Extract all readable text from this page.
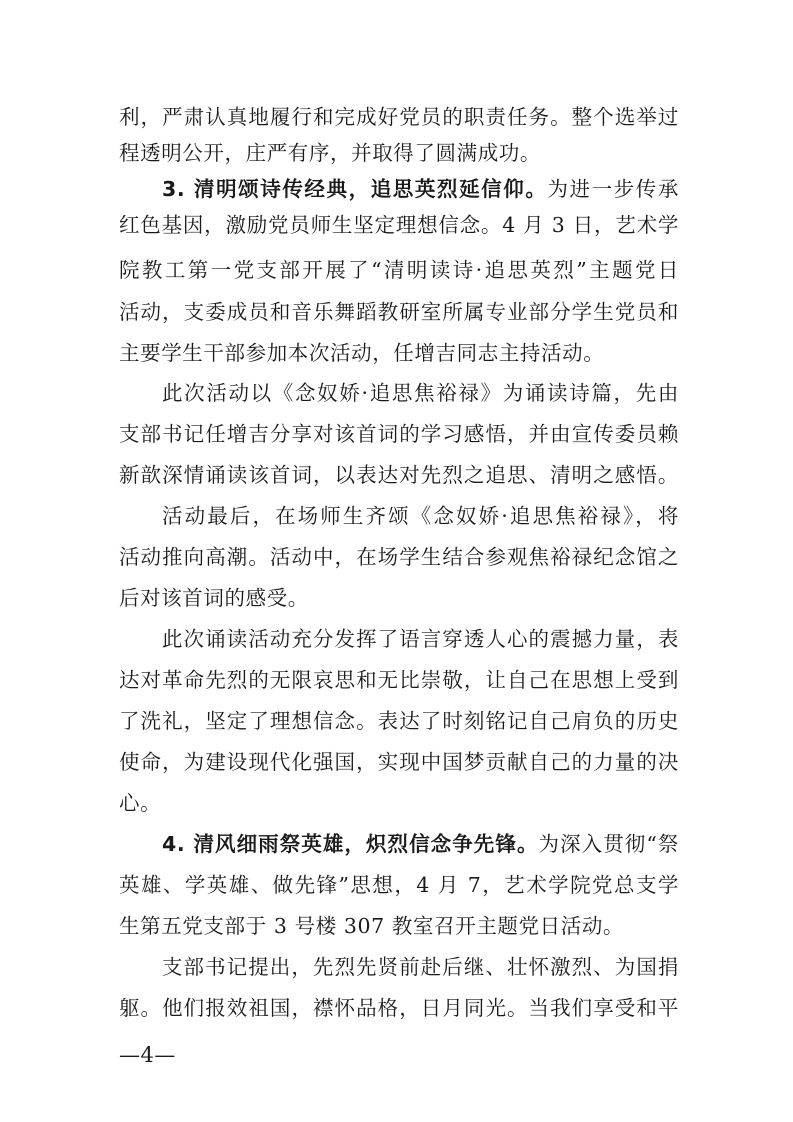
利，严肃认真地履行和完成好党员的职责任务。整个选举过
程透明公开，庄严有序，并取得了圆满成功。
3. 清明颂诗传经典，追思英烈延信仰。为进一步传承
红色基因，激励党员师生坚定理想信念。4 月 3 日，艺术学
院教工第一党支部开展了“清明读诗·追思英烈”主题党日
活动，支委成员和音乐舞蹈教研室所属专业部分学生党员和
主要学生干部参加本次活动，任增吉同志主持活动。
此次活动以《念奴娇·追思焦裕禄》为诵读诗篇，先由
支部书记任增吉分享对该首词的学习感悟，并由宣传委员赖
新歆深情诵读该首词，以表达对先烈之追思、清明之感悟。
活动最后，在场师生齐颂《念奴娇·追思焦裕禄》，将
活动推向高潮。活动中，在场学生结合参观焦裕禄纪念馆之
后对该首词的感受。
此次诵读活动充分发挥了语言穿透人心的震撼力量，表
达对革命先烈的无限哀思和无比崇敬，让自己在思想上受到
了洗礼，坚定了理想信念。表达了时刻铭记自己肩负的历史
使命，为建设现代化强国，实现中国梦贡献自己的力量的决
心。
4. 清风细雨祭英雄，炽烈信念争先锋。为深入贯彻“祭
英雄、学英雄、做先锋”思想，4 月 7，艺术学院党总支学
生第五党支部于 3 号楼 307 教室召开主题党日活动。
支部书记提出，先烈先贤前赴后继、壮怀激烈、为国捐
躯。他们报效祖国，襟怀品格，日月同光。当我们享受和平
—4—
